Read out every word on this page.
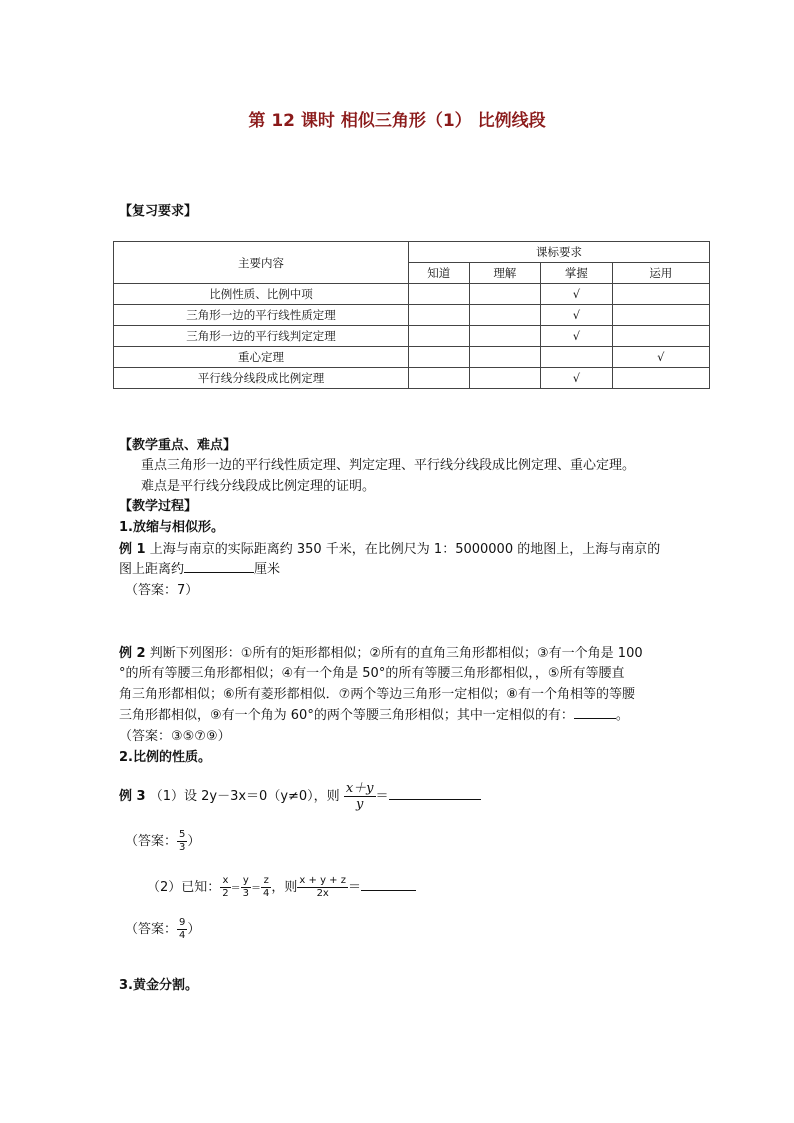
第 12 课时 相似三角形（1） 比例线段
【复习要求】
主要内容	课标要求			
	知道	理解	掌握	运用
比例性质、比例中项			√	
三角形一边的平行线性质定理			√	
三角形一边的平行线判定定理			√	
重心定理				√
平行线分线段成比例定理			√	
【教学重点、难点】
重点三角形一边的平行线性质定理、判定定理、平行线分线段成比例定理、重心定理。
难点是平行线分线段成比例定理的证明。
【教学过程】
1.放缩与相似形。
例 1 上海与南京的实际距离约 350 千米，在比例尺为 1：5000000 的地图上，上海与南京的
图上距离约	厘米
（答案：7）
例 2 判断下列图形：①所有的矩形都相似；②所有的直角三角形都相似；③有一个角是 100
°的所有等腰三角形都相似；④有一个角是 50°的所有等腰三角形都相似，，⑤所有等腰直
角三角形都相似；⑥所有菱形都相似．⑦两个等边三角形一定相似；⑧有一个角相等的等腰
三角形都相似，⑨有一个角为 60°的两个等腰三角形相似；其中一定相似的有：	。
（答案：③⑤⑦⑨）
2.比例的性质。
例 3 （1）设 2y－3x＝0（y≠0），则 $\frac{x+y}{y}$ ＝
（答案： $\frac{5}{3}$ ）
（2）已知： $\frac{x}{2} = \frac{y}{3} = \frac{z}{4}$ ，则 $\frac{x + y + z}{2x}$ ＝
（答案： $\frac{9}{4}$ ）
3.黄金分割。
